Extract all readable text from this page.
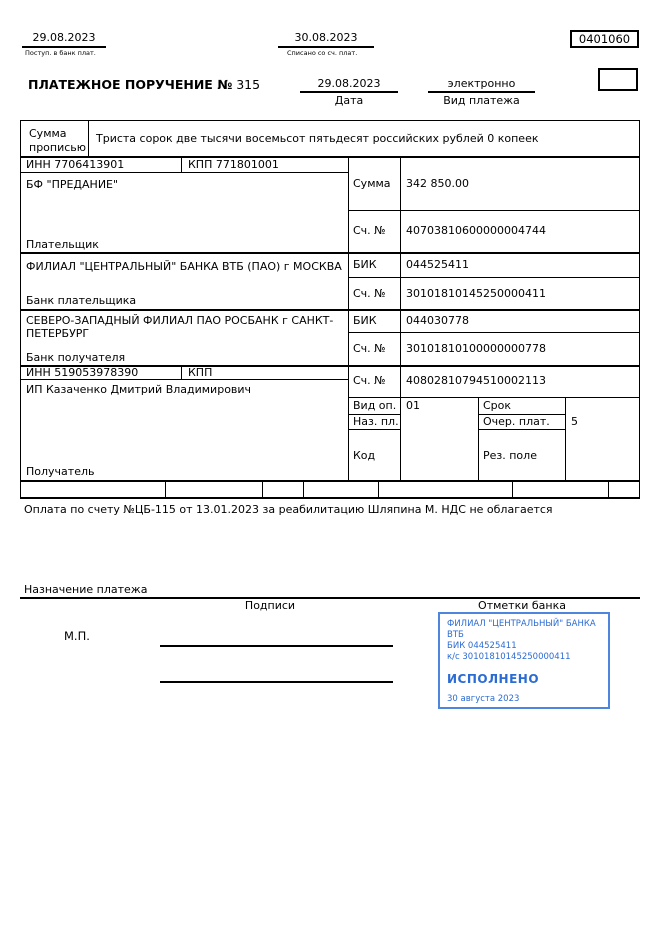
29.08.2023
Поступ. в банк плат.
30.08.2023
Списано со сч. плат.
0401060
ПЛАТЕЖНОЕ ПОРУЧЕНИЕ № 315	29.08.2023
Дата
электронно
Вид платежа
Сумма прописью
Триста сорок две тысячи восемьсот пятьдесят российских рублей 0 копеек
ИНН 7706413901	КПП 771801001
БФ "ПРЕДАНИЕ"
Плательщик
Сумма 342 850.00
Сч. № 40703810600000004744
ФИЛИАЛ "ЦЕНТРАЛЬНЫЙ" БАНКА ВТБ (ПАО) г МОСКВА
Банк плательщика
БИК	044525411
Сч. № 30101810145250000411
СЕВЕРО-ЗАПАДНЫЙ ФИЛИАЛ ПАО РОСБАНК г САНКТ-ПЕТЕРБУРГ
Банк получателя
БИК	044030778
Сч. № 30101810100000000778
ИНН 519053978390	КПП
ИП Казаченко Дмитрий Владимирович
Получатель
Сч. № 40802810794510002113
Вид оп. 01	Срок
Наз. пл.	Очер. плат. 5
Код	Рез. поле
Оплата по счету №ЦБ-115 от 13.01.2023 за реабилитацию Шляпина М. НДС не облагается
Назначение платежа
Подписи	Отметки банка
М.П.
ФИЛИАЛ "ЦЕНТРАЛЬНЫЙ" БАНКА ВТБ
БИК 044525411
к/с 30101810145250000411
ИСПОЛНЕНО
30 августа 2023
